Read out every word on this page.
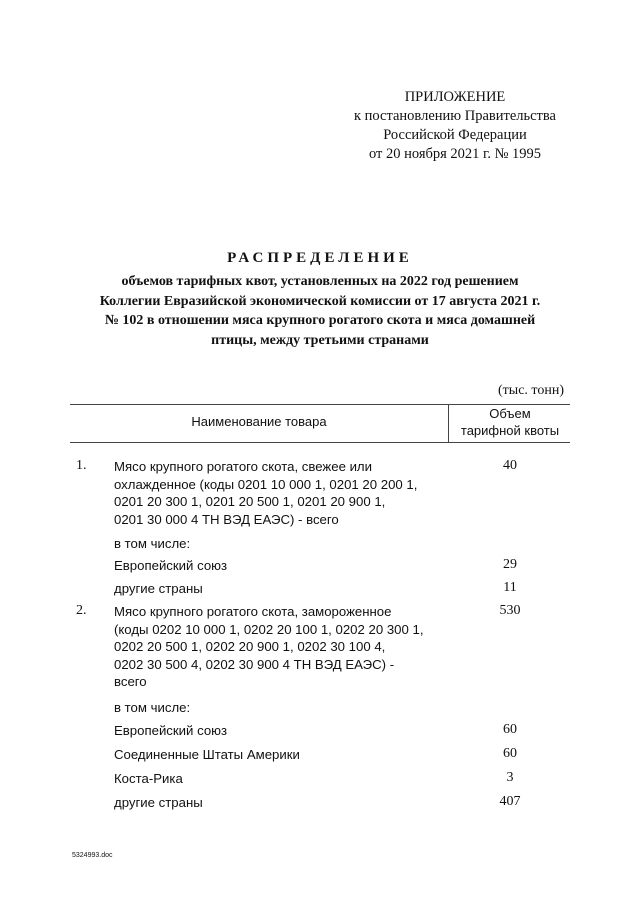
ПРИЛОЖЕНИЕ
к постановлению Правительства
Российской Федерации
от 20 ноября 2021 г. № 1995
РАСПРЕДЕЛЕНИЕ
объемов тарифных квот, установленных на 2022 год решением
Коллегии Евразийской экономической комиссии от 17 августа 2021 г.
№ 102 в отношении мяса крупного рогатого скота и мяса домашней
птицы, между третьими странами
(тыс. тонн)
Наименование товара
Объем
тарифной квоты
1. Мясо крупного рогатого скота, свежее или
охлажденное (коды 0201 10 000 1, 0201 20 200 1,
0201 20 300 1, 0201 20 500 1, 0201 20 900 1,
0201 30 000 4 ТН ВЭД ЕАЭС) - всего
40
в том числе:
Европейский союз	29
другие страны	11
2. Мясо крупного рогатого скота, замороженное
(коды 0202 10 000 1, 0202 20 100 1, 0202 20 300 1,
0202 20 500 1, 0202 20 900 1, 0202 30 100 4,
0202 30 500 4, 0202 30 900 4 ТН ВЭД ЕАЭС) -
всего
530
в том числе:
Европейский союз	60
Соединенные Штаты Америки	60
Коста-Рика	3
другие страны	407
5324993.doc
